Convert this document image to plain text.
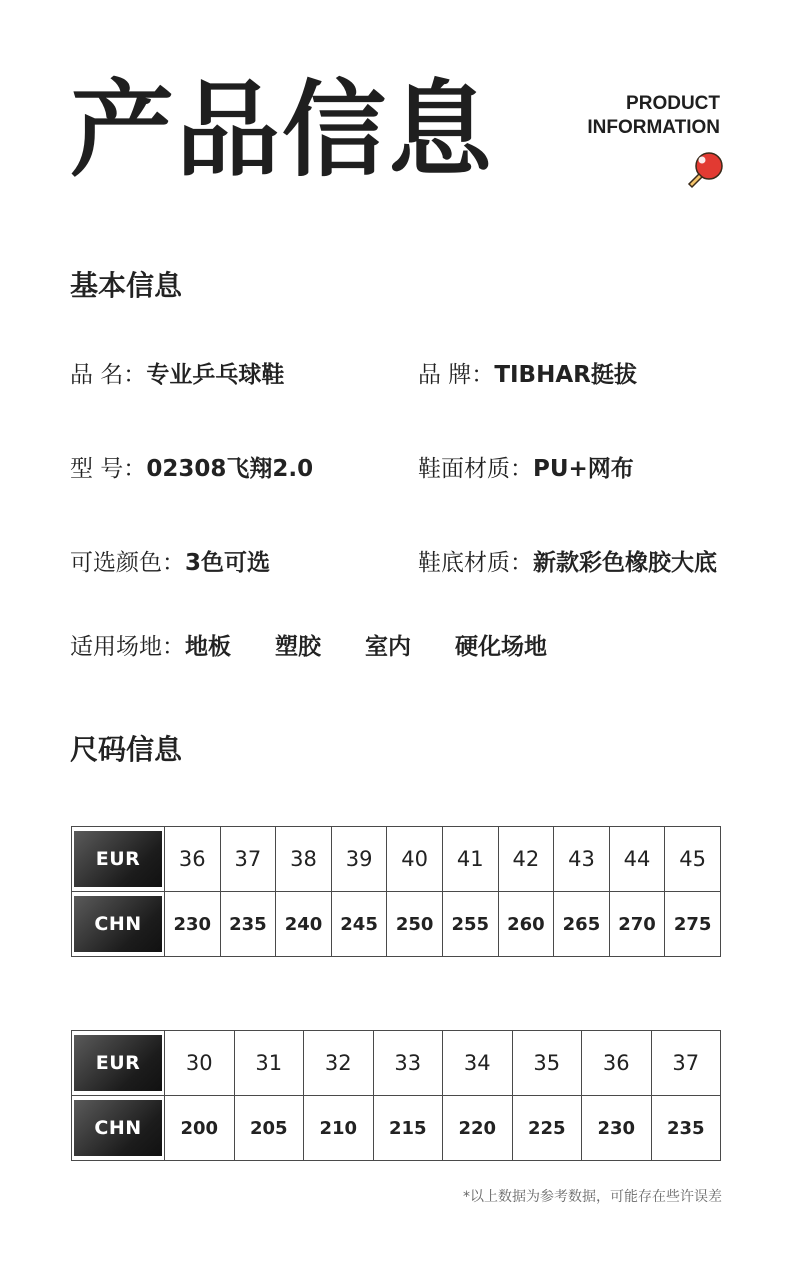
产品信息	PRODUCT
INFORMATION
基本信息
品 名：专业乒乓球鞋	品 牌：TIBHAR挺拔
型 号：02308飞翔2.0	鞋面材质：PU+网布
可选颜色：3色可选	鞋底材质：新款彩色橡胶大底
适用场地：地板 塑胶 室内 硬化场地
尺码信息
EUR	36	37	38	39	40	41	42	43	44	45

CHN	230	235	240	245	250	255	260	265	270	275
EUR	30	31	32	33	34	35	36	37

CHN	200	205	210	215	220	225	230	235
*以上数据为参考数据，可能存在些许误差
